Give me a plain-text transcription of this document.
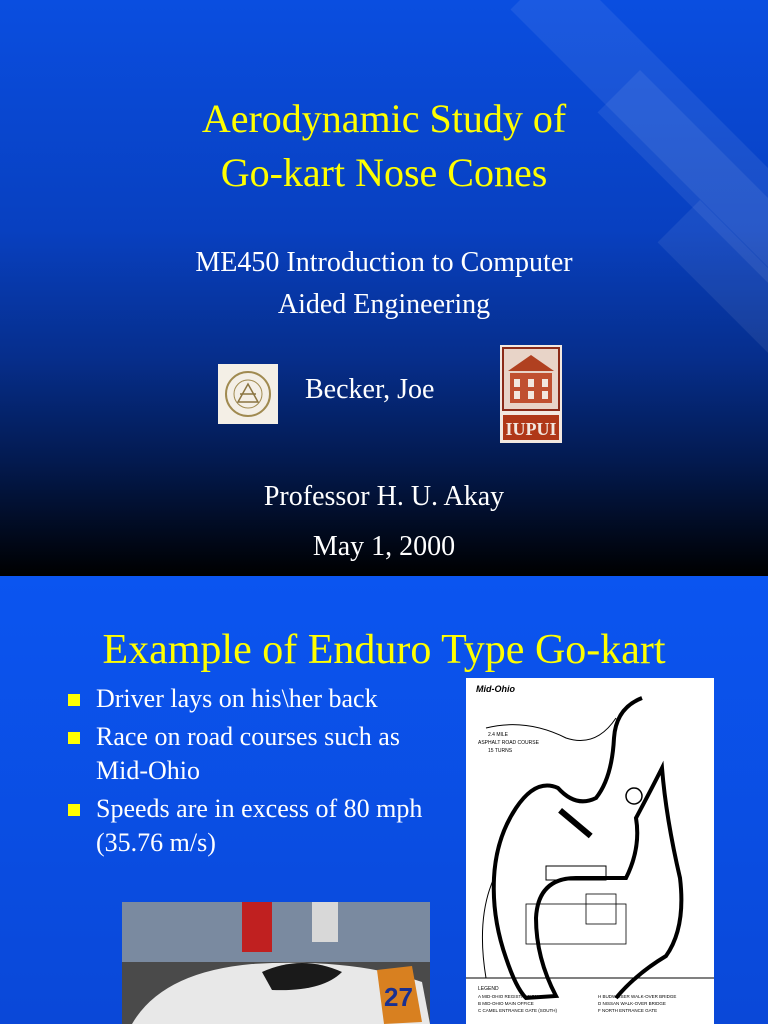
Aerodynamic Study of
Go-kart Nose Cones
ME450 Introduction to Computer
Aided Engineering
Becker, Joe
IUPUI
Professor H. U. Akay
May 1, 2000
Example of Enduro Type Go-kart
Driver lays on his\her back
Race on road courses such as Mid-Ohio
Speeds are in excess of 80 mph (35.76 m/s)
27
Mid-Ohio
2.4 MILE
ASPHALT ROAD COURSE
15 TURNS
LEGEND
A MID-OHIO REGISTRATION
B MID-OHIO MAIN OFFICE
C CAMEL ENTRANCE GATE (SOUTH)
H BUDWEISER WALK-OVER BRIDGE
D NISSAN WALK-OVER BRIDGE
F NORTH ENTRANCE GATE
